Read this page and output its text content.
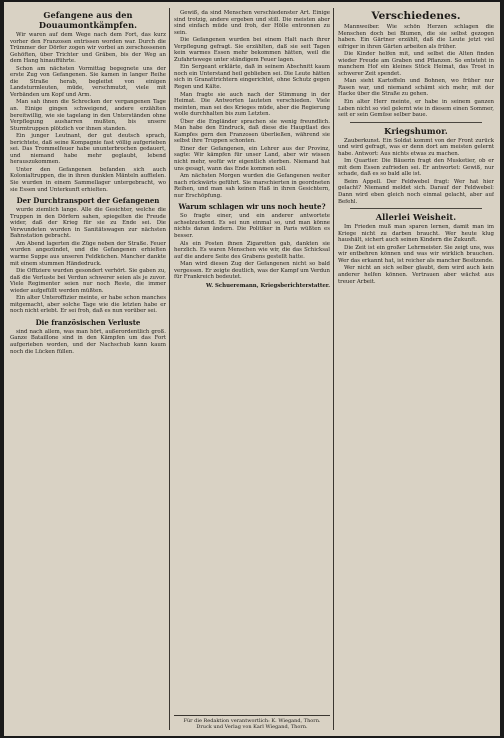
Gefangene aus den Douaumontkämpfen.

Wir waren auf dem Wege nach dem Fort, das kurz vorher den Franzosen entrissen worden war. Durch die Trümmer der Dörfer zogen wir vorbei an zerschossenen Gehöften, über Trichter und Gräben, bis der Weg an dem Hang hinaufführte.

Schon am nächsten Vormittag begegnete uns der erste Zug von Gefangenen. Sie kamen in langer Reihe die Straße herab, begleitet von einigen Landsturmleuten, müde, verschmutzt, viele mit Verbänden um Kopf und Arm.

Man sah ihnen die Schrecken der vergangenen Tage an. Einige gingen schweigend, andere erzählten bereitwillig, wie sie tagelang in den Unterständen ohne Verpflegung ausharren mußten, bis unsere Sturmtruppen plötzlich vor ihnen standen.

Ein junger Leutnant, der gut deutsch sprach, berichtete, daß seine Kompagnie fast völlig aufgerieben sei. Das Trommelfeuer habe ununterbrochen gedauert, und niemand habe mehr geglaubt, lebend herauszukommen.

Unter den Gefangenen befanden sich auch Kolonialtruppen, die in ihren dunklen Mänteln auffielen. Sie wurden in einem Sammellager untergebracht, wo sie Essen und Unterkunft erhielten.

Der Durchtransport der Gefangenen

wurde ziemlich lange. Alle die Gesichter, welche die Truppen in den Dörfern sahen, spiegelten die Freude wider, daß der Krieg für sie zu Ende sei. Die Verwundeten wurden in Sanitätswagen zur nächsten Bahnstation gebracht.

Am Abend lagerten die Züge neben der Straße. Feuer wurden angezündet, und die Gefangenen erhielten warme Suppe aus unseren Feldküchen. Mancher dankte mit einem stummen Händedruck.

Die Offiziere wurden gesondert verhört. Sie gaben zu, daß die Verluste bei Verdun schwerer seien als je zuvor. Viele Regimenter seien nur noch Reste, die immer wieder aufgefüllt werden müßten.

Ein alter Unteroffizier meinte, er habe schon manches mitgemacht, aber solche Tage wie die letzten habe er noch nicht erlebt. Er sei froh, daß es nun vorüber sei.

Die französischen Verluste

sind nach allem, was man hört, außerordentlich groß. Ganze Bataillone sind in den Kämpfen um das Fort aufgerieben worden, und der Nachschub kann kaum noch die Lücken füllen.

Gewiß, da sind Menschen verschiedenster Art. Einige sind trotzig, andere ergeben und still. Die meisten aber sind einfach müde und froh, der Hölle entronnen zu sein.

Die Gefangenen wurden bei einem Halt nach ihrer Verpflegung gefragt. Sie erzählten, daß sie seit Tagen kein warmes Essen mehr bekommen hätten, weil die Zufahrtswege unter ständigem Feuer lagen.

Ein Sergeant erklärte, daß in seinem Abschnitt kaum noch ein Unterstand heil geblieben sei. Die Leute hätten sich in Granattrichtern eingerichtet, ohne Schutz gegen Regen und Kälte.

Man fragte sie auch nach der Stimmung in der Heimat. Die Antworten lauteten verschieden. Viele meinten, man sei des Krieges müde, aber die Regierung wolle durchhalten bis zum Letzten.

Über die Engländer sprachen sie wenig freundlich. Man habe den Eindruck, daß diese die Hauptlast des Kampfes gern den Franzosen überließen, während sie selbst ihre Truppen schonten.

Einer der Gefangenen, ein Lehrer aus der Provinz, sagte: Wir kämpfen für unser Land, aber wir wissen nicht mehr, wofür wir eigentlich sterben. Niemand hat uns gesagt, wann das Ende kommen soll.

Am nächsten Morgen wurden die Gefangenen weiter nach rückwärts geführt. Sie marschierten in geordneten Reihen, und man sah keinen Haß in ihren Gesichtern, nur Erschöpfung.

Warum schlagen wir uns noch heute?

So fragte einer, und ein anderer antwortete achselzuckend. Es sei nun einmal so, und man könne nichts daran ändern. Die Politiker in Paris wüßten es besser.

Als ein Posten ihnen Zigaretten gab, dankten sie herzlich. Es waren Menschen wie wir, die das Schicksal auf die andere Seite des Grabens gestellt hatte.

Man wird diesen Zug der Gefangenen nicht so bald vergessen. Er zeigte deutlich, was der Kampf um Verdun für Frankreich bedeutet.

W. Schueremann, Kriegsberichterstatter.
Für die Redaktion verantwortlich: K. Wiegand, Thorn.
Druck und Verlag von Karl Wiegand, Thorn.
Verschiedenes.

Mannweiber. Wie schön Herzen schlagen die Menschen doch bei Blumen, die sie selbst gezogen haben. Ein Gärtner erzählt, daß die Leute jetzt viel eifriger in ihren Gärten arbeiten als früher.

Die Kinder helfen mit, und selbst die Alten finden wieder Freude am Graben und Pflanzen. So entsteht in manchem Hof ein kleines Stück Heimat, das Trost in schwerer Zeit spendet.

Man sieht Kartoffeln und Bohnen, wo früher nur Rasen war, und niemand schämt sich mehr, mit der Hacke über die Straße zu gehen.

Ein alter Herr meinte, er habe in seinem ganzen Leben nicht so viel gelernt wie in diesem einen Sommer, seit er sein Gemüse selber baue.

Kriegshumor.

Zauberkunst. Ein Soldat kommt von der Front zurück und wird gefragt, was er denn dort am meisten gelernt habe. Antwort: Aus nichts etwas zu machen.

Im Quartier. Die Bäuerin fragt den Musketier, ob er mit dem Essen zufrieden sei. Er antwortet: Gewiß, nur schade, daß es so bald alle ist.

Beim Appell. Der Feldwebel fragt: Wer hat hier gelacht? Niemand meldet sich. Darauf der Feldwebel: Dann wird eben gleich noch einmal gelacht, aber auf Befehl.

Allerlei Weisheit.

Im Frieden muß man sparen lernen, damit man im Kriege nicht zu darben braucht. Wer heute klug haushält, sichert auch seinen Kindern die Zukunft.

Die Zeit ist ein großer Lehrmeister. Sie zeigt uns, was wir entbehren können und was wir wirklich brauchen. Wer das erkannt hat, ist reicher als mancher Besitzende.

Wer nicht an sich selber glaubt, dem wird auch kein anderer helfen können. Vertrauen aber wächst aus treuer Arbeit.
